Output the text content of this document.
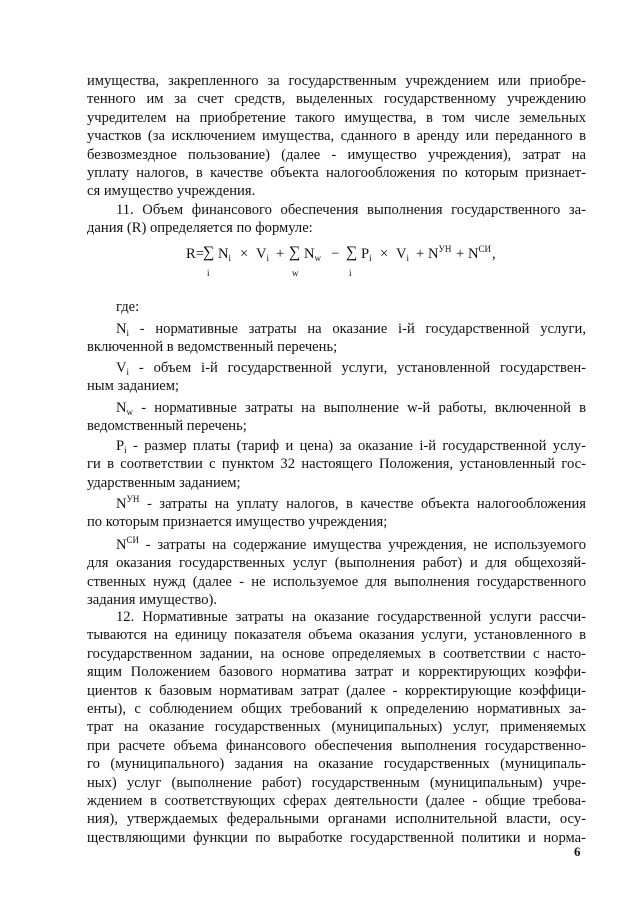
имущества, закрепленного за государственным учреждением или приобре-
тенного им за счет средств, выделенных государственному учреждению
учредителем на приобретение такого имущества, в том числе земельных
участков (за исключением имущества, сданного в аренду или переданного в
безвозмездное пользование) (далее - имущество учреждения), затрат на
уплату налогов, в качестве объекта налогообложения по которым признает-
ся имущество учреждения.
11. Объем финансового обеспечения выполнения государственного за-
дания (R) определяется по формуле:
R= ∑
i
$N_i \times V_i$ + ∑
w
$N_w$ − ∑
i
$P_i \times V_i + N^{УН} + N^{СИ}$ ,
где:
$N_i$ - нормативные затраты на оказание i-й государственной услуги,
включенной в ведомственный перечень;
$V_i$ - объем i-й государственной услуги, установленной государствен-
ным заданием;
$N_w$ - нормативные затраты на выполнение w-й работы, включенной в
ведомственный перечень;
$P_i$ - размер платы (тариф и цена) за оказание i-й государственной услу-
ги в соответствии с пунктом 32 настоящего Положения, установленный гос-
ударственным заданием;
$N^{УН}$ - затраты на уплату налогов, в качестве объекта налогообложения
по которым признается имущество учреждения;
$N^{СИ}$ - затраты на содержание имущества учреждения, не используемого
для оказания государственных услуг (выполнения работ) и для общехозяй-
ственных нужд (далее - не используемое для выполнения государственного
задания имущество).
12. Нормативные затраты на оказание государственной услуги рассчи-
тываются на единицу показателя объема оказания услуги, установленного в
государственном задании, на основе определяемых в соответствии с насто-
ящим Положением базового норматива затрат и корректирующих коэффи-
циентов к базовым нормативам затрат (далее - корректирующие коэффици-
енты), с соблюдением общих требований к определению нормативных за-
трат на оказание государственных (муниципальных) услуг, применяемых
при расчете объема финансового обеспечения выполнения государственно-
го (муниципального) задания на оказание государственных (муниципаль-
ных) услуг (выполнение работ) государственным (муниципальным) учре-
ждением в соответствующих сферах деятельности (далее - общие требова-
ния), утверждаемых федеральными органами исполнительной власти, осу-
ществляющими функции по выработке государственной политики и норма-
6
